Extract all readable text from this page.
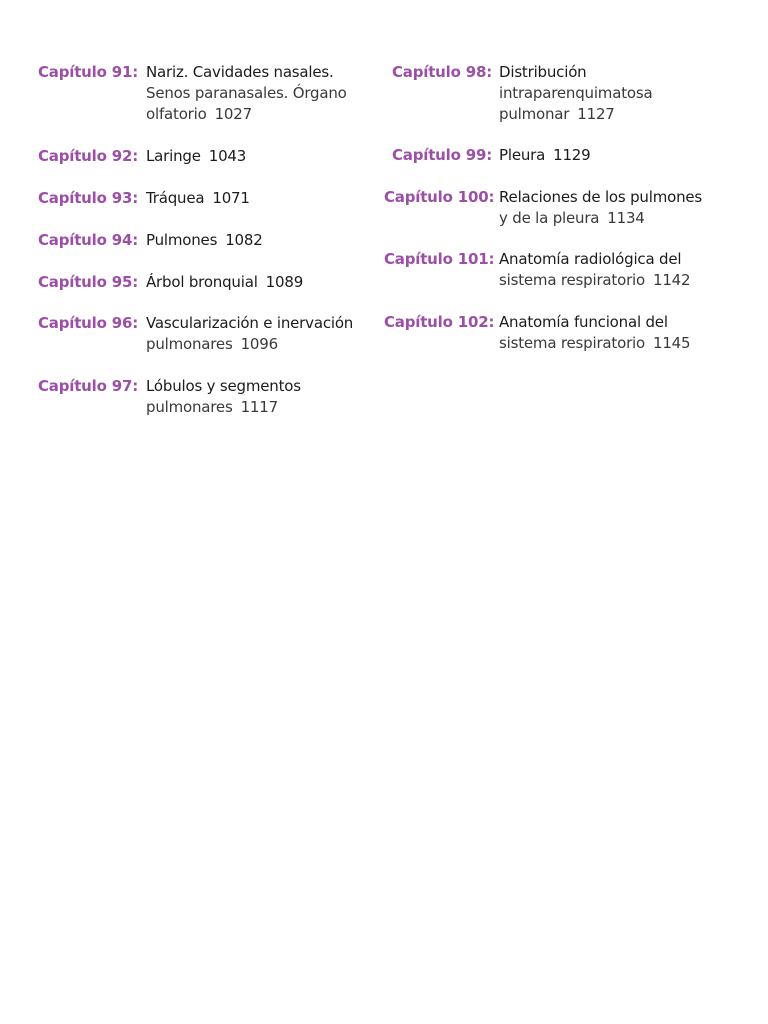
Capítulo 91: Nariz. Cavidades nasales.
Senos paranasales. Órgano
olfatorio 1027
Capítulo 92: Laringe 1043
Capítulo 93: Tráquea 1071
Capítulo 94: Pulmones 1082
Capítulo 95: Árbol bronquial 1089
Capítulo 96: Vascularización e inervación
pulmonares 1096
Capítulo 97: Lóbulos y segmentos
pulmonares 1117
Capítulo 98: Distribución
intraparenquimatosa
pulmonar 1127
Capítulo 99: Pleura 1129
Capítulo 100: Relaciones de los pulmones
y de la pleura 1134
Capítulo 101: Anatomía radiológica del
sistema respiratorio 1142
Capítulo 102: Anatomía funcional del
sistema respiratorio 1145
